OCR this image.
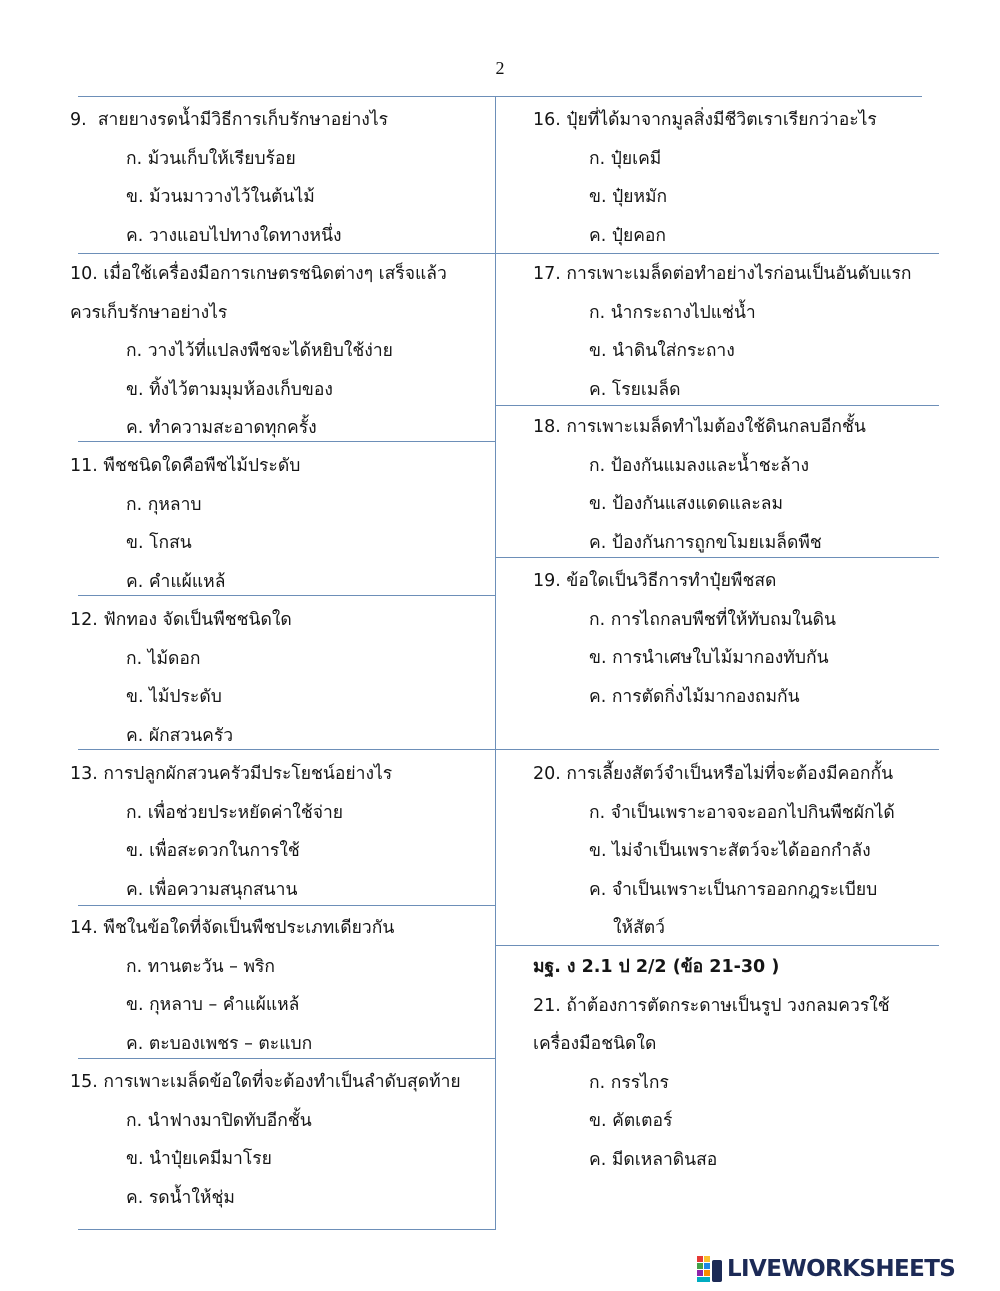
2
9. สายยางรดน้ำมีวิธีการเก็บรักษาอย่างไร
ก. ม้วนเก็บให้เรียบร้อย
ข. ม้วนมาวางไว้ในต้นไม้
ค. วางแอบไปทางใดทางหนึ่ง
10. เมื่อใช้เครื่องมือการเกษตรชนิดต่างๆ เสร็จแล้ว
ควรเก็บรักษาอย่างไร
ก. วางไว้ที่แปลงพืชจะได้หยิบใช้ง่าย
ข. ทิ้งไว้ตามมุมห้องเก็บของ
ค. ทำความสะอาดทุกครั้ง
11. พืชชนิดใดคือพืชไม้ประดับ
ก. กุหลาบ
ข. โกสน
ค. คำแผ้แหล้
12. ฟักทอง จัดเป็นพืชชนิดใด
ก. ไม้ดอก
ข. ไม้ประดับ
ค. ผักสวนครัว
13. การปลูกผักสวนครัวมีประโยชน์อย่างไร
ก. เพื่อช่วยประหยัดค่าใช้จ่าย
ข. เพื่อสะดวกในการใช้
ค. เพื่อความสนุกสนาน
14. พืชในข้อใดที่จัดเป็นพืชประเภทเดียวกัน
ก. ทานตะวัน – พริก
ข. กุหลาบ – คำแผ้แหล้
ค. ตะบองเพชร – ตะแบก
15. การเพาะเมล็ดข้อใดที่จะต้องทำเป็นลำดับสุดท้าย
ก. นำฟางมาปิดทับอีกชั้น
ข. นำปุ๋ยเคมีมาโรย
ค. รดน้ำให้ชุ่ม
16. ปุ๋ยที่ได้มาจากมูลสิ่งมีชีวิตเราเรียกว่าอะไร
ก. ปุ๋ยเคมี
ข. ปุ๋ยหมัก
ค. ปุ๋ยคอก
17. การเพาะเมล็ดต่อทำอย่างไรก่อนเป็นอันดับแรก
ก. นำกระถางไปแช่น้ำ
ข. นำดินใส่กระถาง
ค. โรยเมล็ด
18. การเพาะเมล็ดทำไมต้องใช้ดินกลบอีกชั้น
ก. ป้องกันแมลงและน้ำชะล้าง
ข. ป้องกันแสงแดดและลม
ค. ป้องกันการถูกขโมยเมล็ดพืช
19. ข้อใดเป็นวิธีการทำปุ๋ยพืชสด
ก. การไถกลบพืชที่ให้ทับถมในดิน
ข. การนำเศษใบไม้มากองทับกัน
ค. การตัดกิ่งไม้มากองถมกัน
20. การเลี้ยงสัตว์จำเป็นหรือไม่ที่จะต้องมีคอกกั้น
ก. จำเป็นเพราะอาจจะออกไปกินพืชผักได้
ข. ไม่จำเป็นเพราะสัตว์จะได้ออกกำลัง
ค. จำเป็นเพราะเป็นการออกกฎระเบียบ
ให้สัตว์
มฐ. ง 2.1 ป 2/2 (ข้อ 21-30 )
21. ถ้าต้องการตัดกระดาษเป็นรูป วงกลมควรใช้
เครื่องมือชนิดใด
ก. กรรไกร
ข. คัตเตอร์
ค. มีดเหลาดินสอ
LIVEWORKSHEETS
